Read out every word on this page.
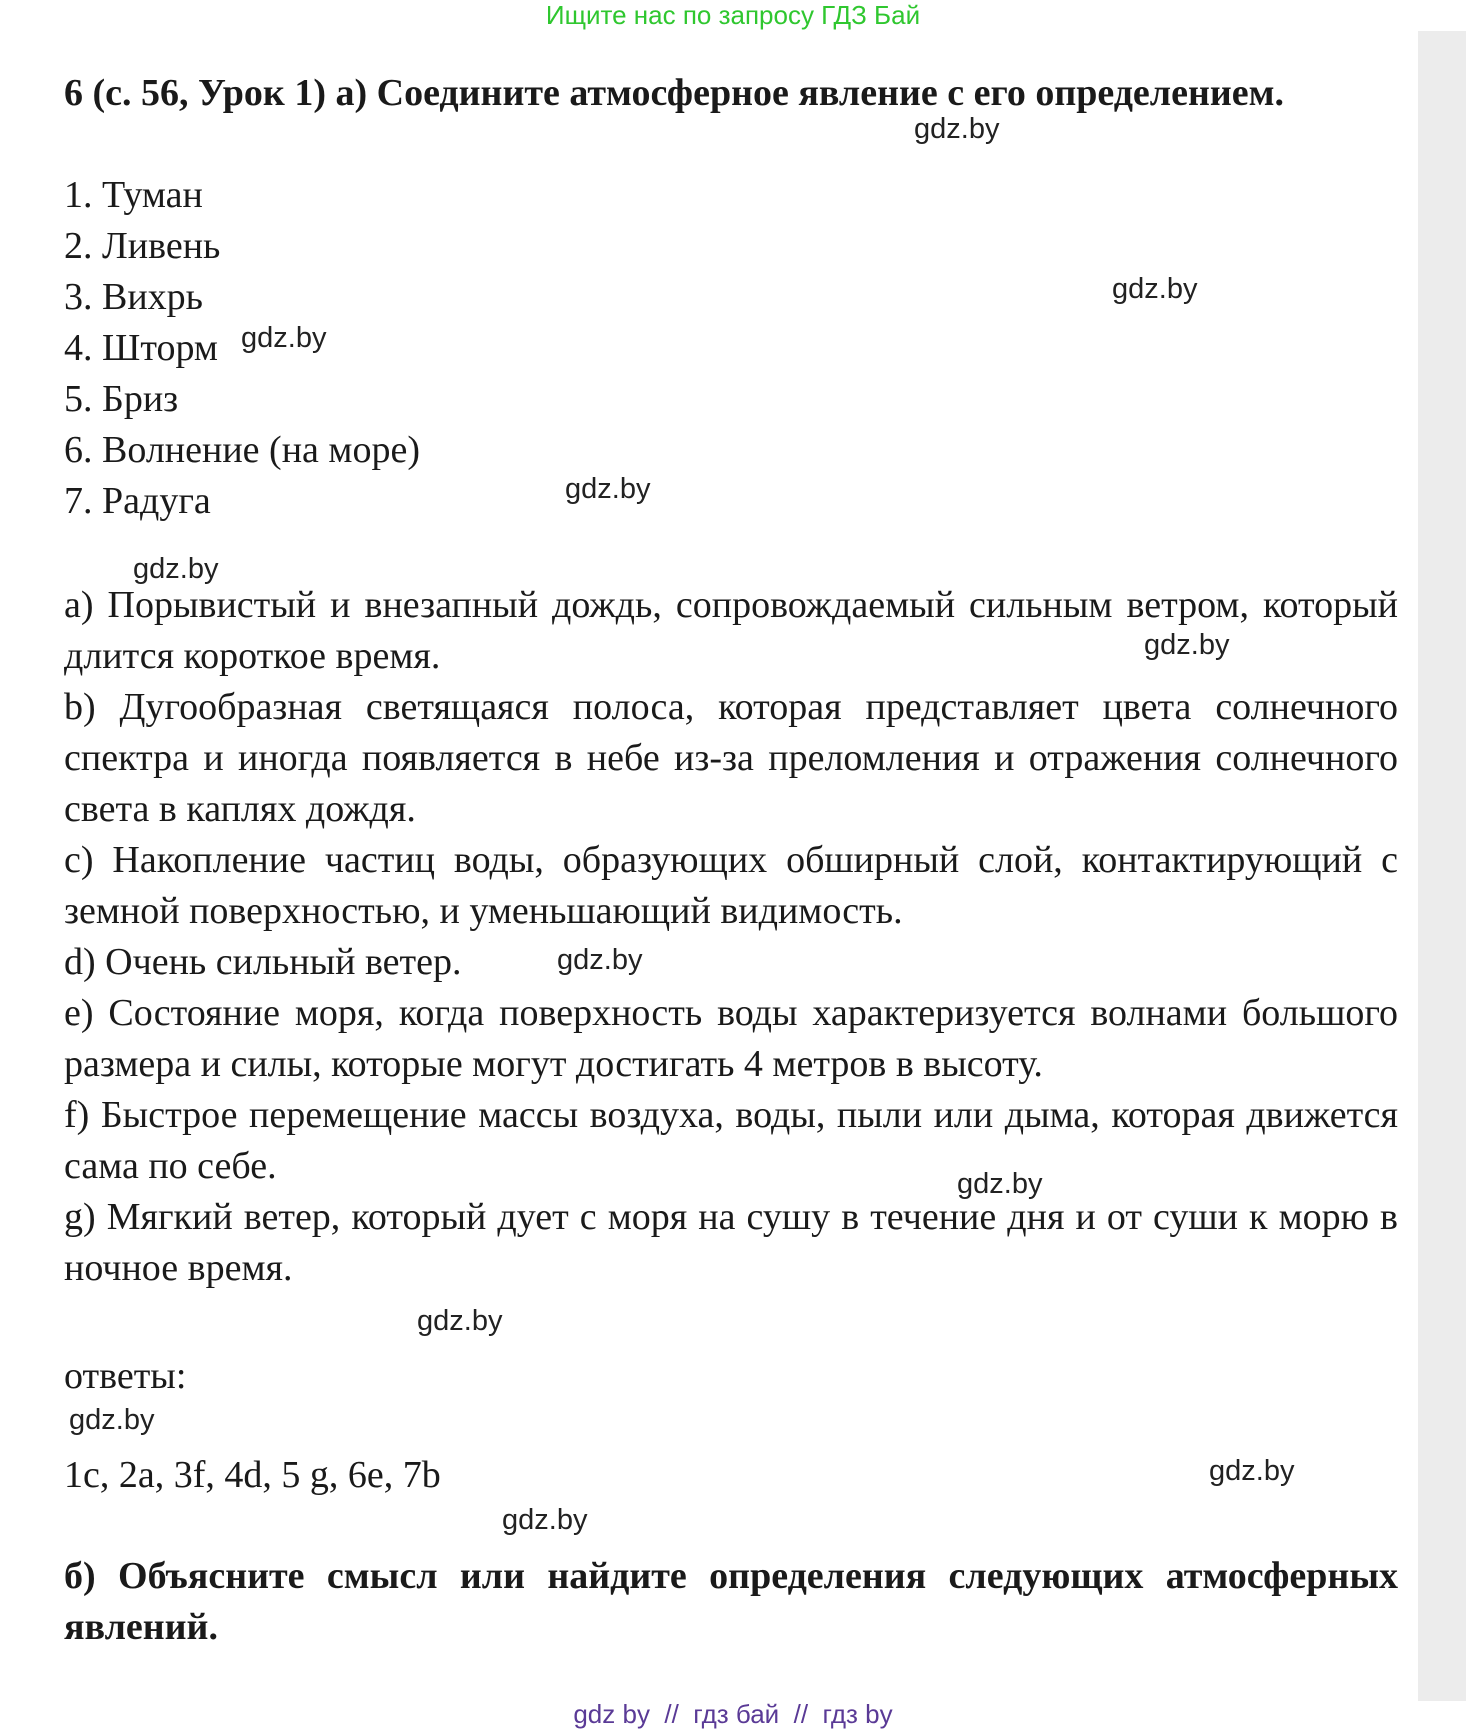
Ищите нас по запросу ГДЗ Бай
6 (с. 56, Урок 1) а) Соедините атмосферное явление с его определением.
1. Туман
2. Ливень
3. Вихрь
4. Шторм
5. Бриз
6. Волнение (на море)
7. Радуга

a) Порывистый и внезапный дождь, сопровождаемый сильным ветром, который длится короткое время.

b) Дугообразная светящаяся полоса, которая представляет цвета солнечного спектра и иногда появляется в небе из-за преломления и отражения солнечного света в каплях дождя.

c) Накопление частиц воды, образующих обширный слой, контактирующий с земной поверхностью, и уменьшающий видимость.

d) Очень сильный ветер.

e) Состояние моря, когда поверхность воды характеризуется волнами большого размера и силы, которые могут достигать 4 метров в высоту.

f) Быстрое перемещение массы воздуха, воды, пыли или дыма, которая движется сама по себе.

g) Мягкий ветер, который дует с моря на сушу в течение дня и от суши к морю в ночное время.

ответы:
1c, 2a, 3f, 4d, 5 g, 6e, 7b
б) Объясните смысл или найдите определения следующих атмосферных явлений.
gdz.by
gdz.by
gdz.by
gdz.by
gdz.by
gdz.by
gdz.by
gdz.by
gdz.by
gdz.by
gdz.by
gdz.by
gdz by  //  гдз бай  //  гдз by
